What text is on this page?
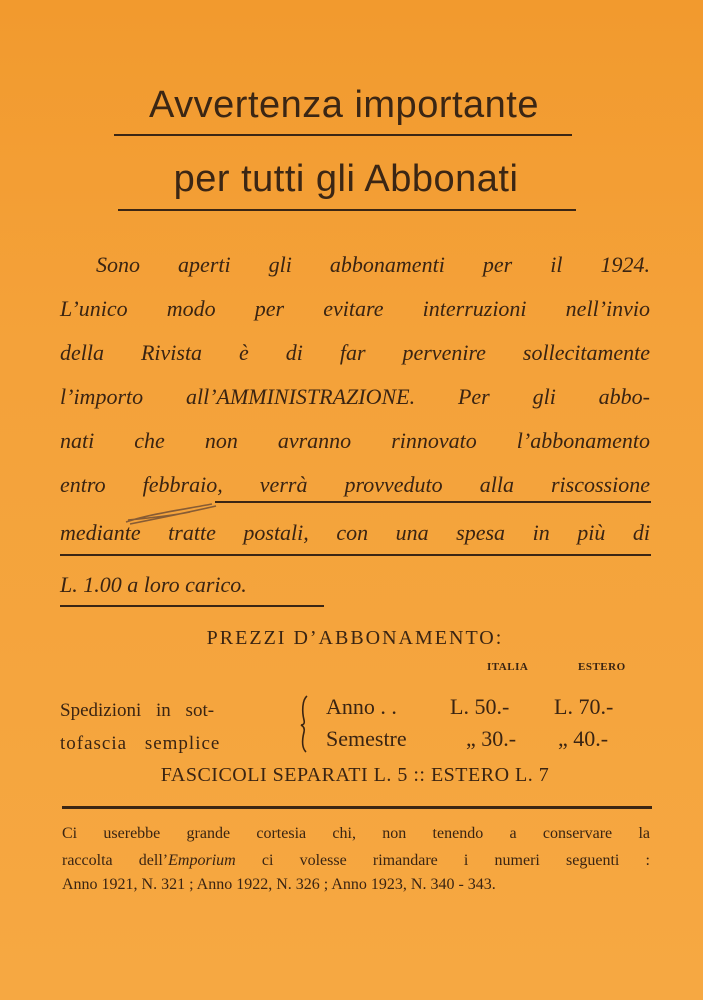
Avvertenza importante
per tutti gli Abbonati
Sono aperti gli abbonamenti per il 1924.
L’unico modo per evitare interruzioni nell’invio
della Rivista è di far pervenire sollecitamente
l’importo all’AMMINISTRAZIONE. Per gli abbo-
nati che non avranno rinnovato l’abbonamento
entro febbraio, verrà provveduto alla riscossione
mediante tratte postali, con una spesa in più di
L. 1.00 a loro carico.
PREZZI D’ABBONAMENTO:
ITALIA	ESTERO
Spedizioni in sot-
tofascia semplice
Anno . . L. 50.- L. 70.-
Semestre	„ 30.- „ 40.-
FASCICOLI SEPARATI L. 5 :: ESTERO L. 7
Ci userebbe grande cortesia chi, non tenendo a conservare la
raccolta dell’Emporium ci volesse rimandare i numeri seguenti :
Anno 1921, N. 321 ; Anno 1922, N. 326 ; Anno 1923, N. 340 - 343.
